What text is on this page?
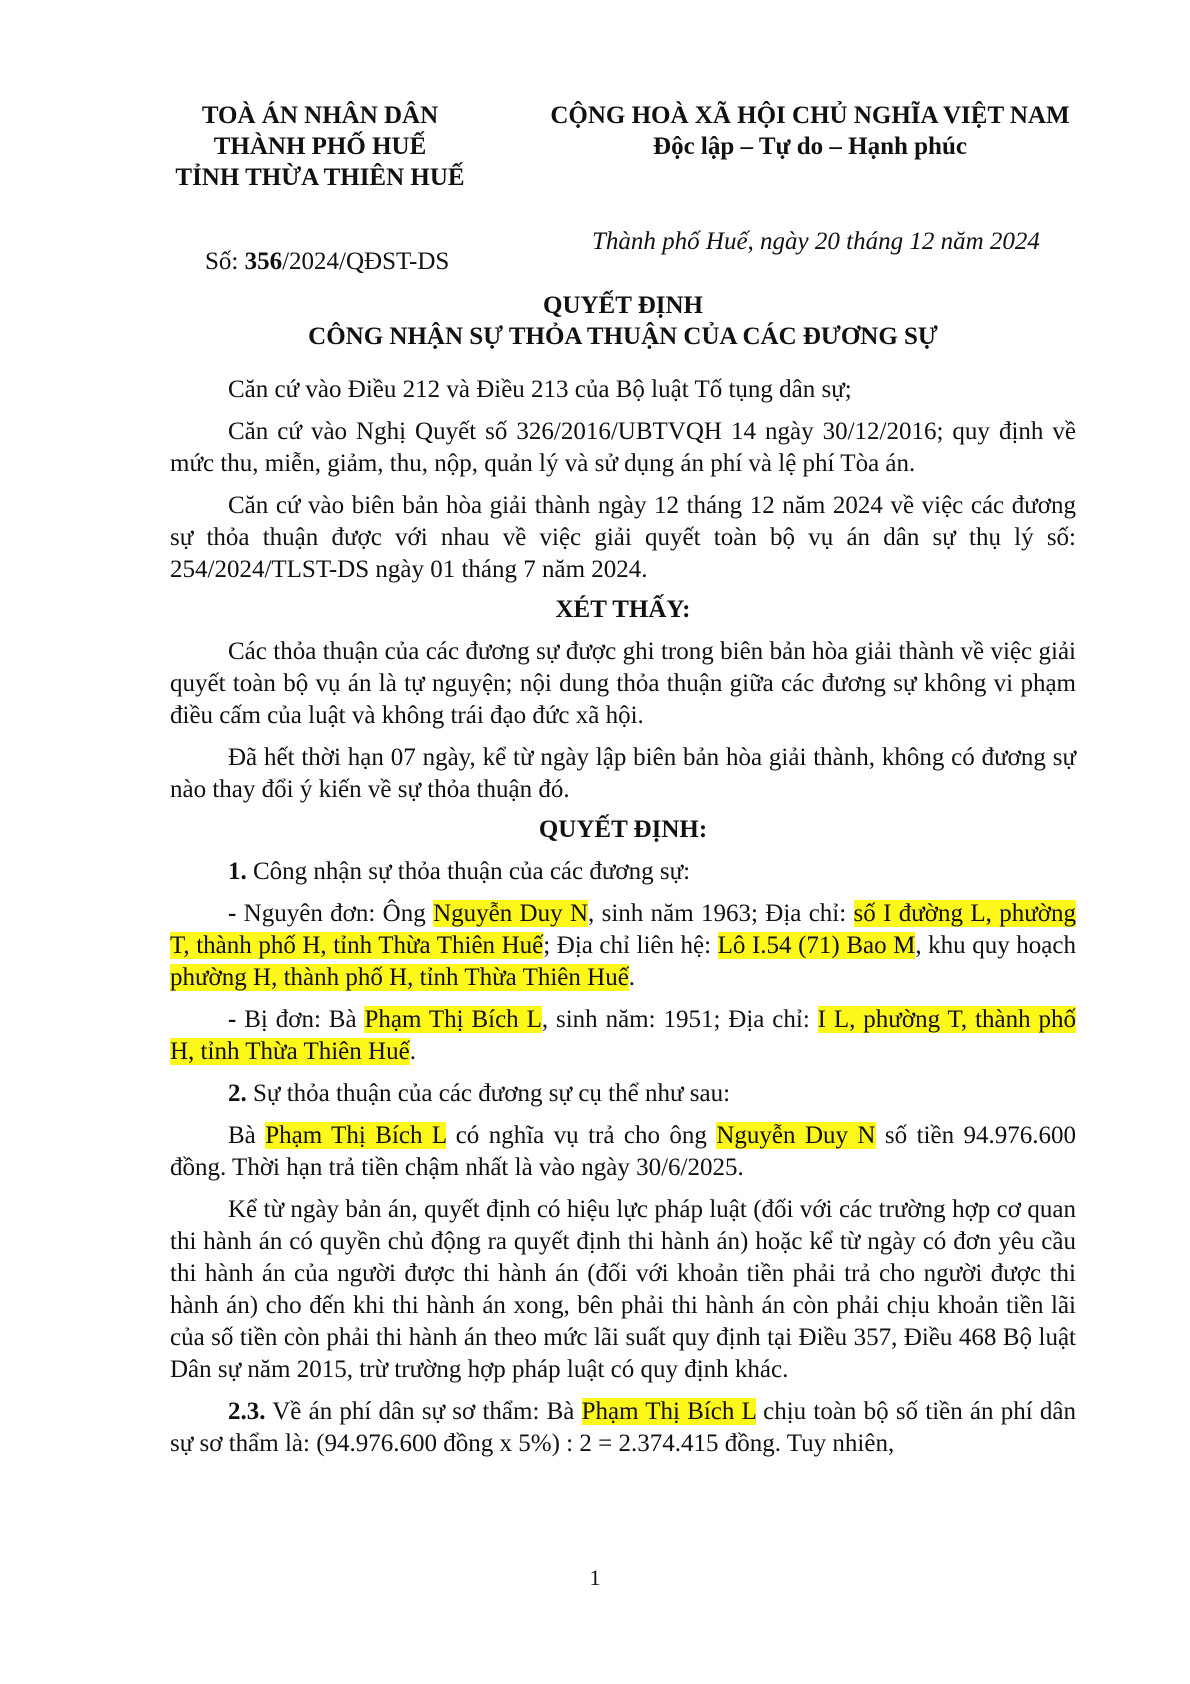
TOÀ ÁN NHÂN DÂN
THÀNH PHỐ HUẾ
TỈNH THỪA THIÊN HUẾ
CỘNG HOÀ XÃ HỘI CHỦ NGHĨA VIỆT NAM
Độc lập – Tự do – Hạnh phúc
Số: 356/2024/QĐST-DS
Thành phố Huế, ngày 20 tháng 12 năm 2024
QUYẾT ĐỊNH
CÔNG NHẬN SỰ THỎA THUẬN CỦA CÁC ĐƯƠNG SỰ

Căn cứ vào Điều 212 và Điều 213 của Bộ luật Tố tụng dân sự;

Căn cứ vào Nghị Quyết số 326/2016/UBTVQH 14 ngày 30/12/2016; quy định về mức thu, miễn, giảm, thu, nộp, quản lý và sử dụng án phí và lệ phí Tòa án.

Căn cứ vào biên bản hòa giải thành ngày 12 tháng 12 năm 2024 về việc các đương sự thỏa thuận được với nhau về việc giải quyết toàn bộ vụ án dân sự thụ lý số: 254/2024/TLST-DS ngày 01 tháng 7 năm 2024.

XÉT THẤY:

Các thỏa thuận của các đương sự được ghi trong biên bản hòa giải thành về việc giải quyết toàn bộ vụ án là tự nguyện; nội dung thỏa thuận giữa các đương sự không vi phạm điều cấm của luật và không trái đạo đức xã hội.

Đã hết thời hạn 07 ngày, kể từ ngày lập biên bản hòa giải thành, không có đương sự nào thay đổi ý kiến về sự thỏa thuận đó.

QUYẾT ĐỊNH:

1. Công nhận sự thỏa thuận của các đương sự:

- Nguyên đơn: Ông Nguyễn Duy N, sinh năm 1963; Địa chỉ: số I đường L, phường T, thành phố H, tỉnh Thừa Thiên Huế; Địa chỉ liên hệ: Lô I.54 (71) Bao M, khu quy hoạch phường H, thành phố H, tỉnh Thừa Thiên Huế.

- Bị đơn: Bà Phạm Thị Bích L, sinh năm: 1951; Địa chỉ: I L, phường T, thành phố H, tỉnh Thừa Thiên Huế.

2. Sự thỏa thuận của các đương sự cụ thể như sau:

Bà Phạm Thị Bích L có nghĩa vụ trả cho ông Nguyễn Duy N số tiền 94.976.600 đồng. Thời hạn trả tiền chậm nhất là vào ngày 30/6/2025.

Kể từ ngày bản án, quyết định có hiệu lực pháp luật (đối với các trường hợp cơ quan thi hành án có quyền chủ động ra quyết định thi hành án) hoặc kể từ ngày có đơn yêu cầu thi hành án của người được thi hành án (đối với khoản tiền phải trả cho người được thi hành án) cho đến khi thi hành án xong, bên phải thi hành án còn phải chịu khoản tiền lãi của số tiền còn phải thi hành án theo mức lãi suất quy định tại Điều 357, Điều 468 Bộ luật Dân sự năm 2015, trừ trường hợp pháp luật có quy định khác.

2.3. Về án phí dân sự sơ thẩm: Bà Phạm Thị Bích L chịu toàn bộ số tiền án phí dân sự sơ thẩm là: (94.976.600 đồng x 5%) : 2 = 2.374.415 đồng. Tuy nhiên,

1
